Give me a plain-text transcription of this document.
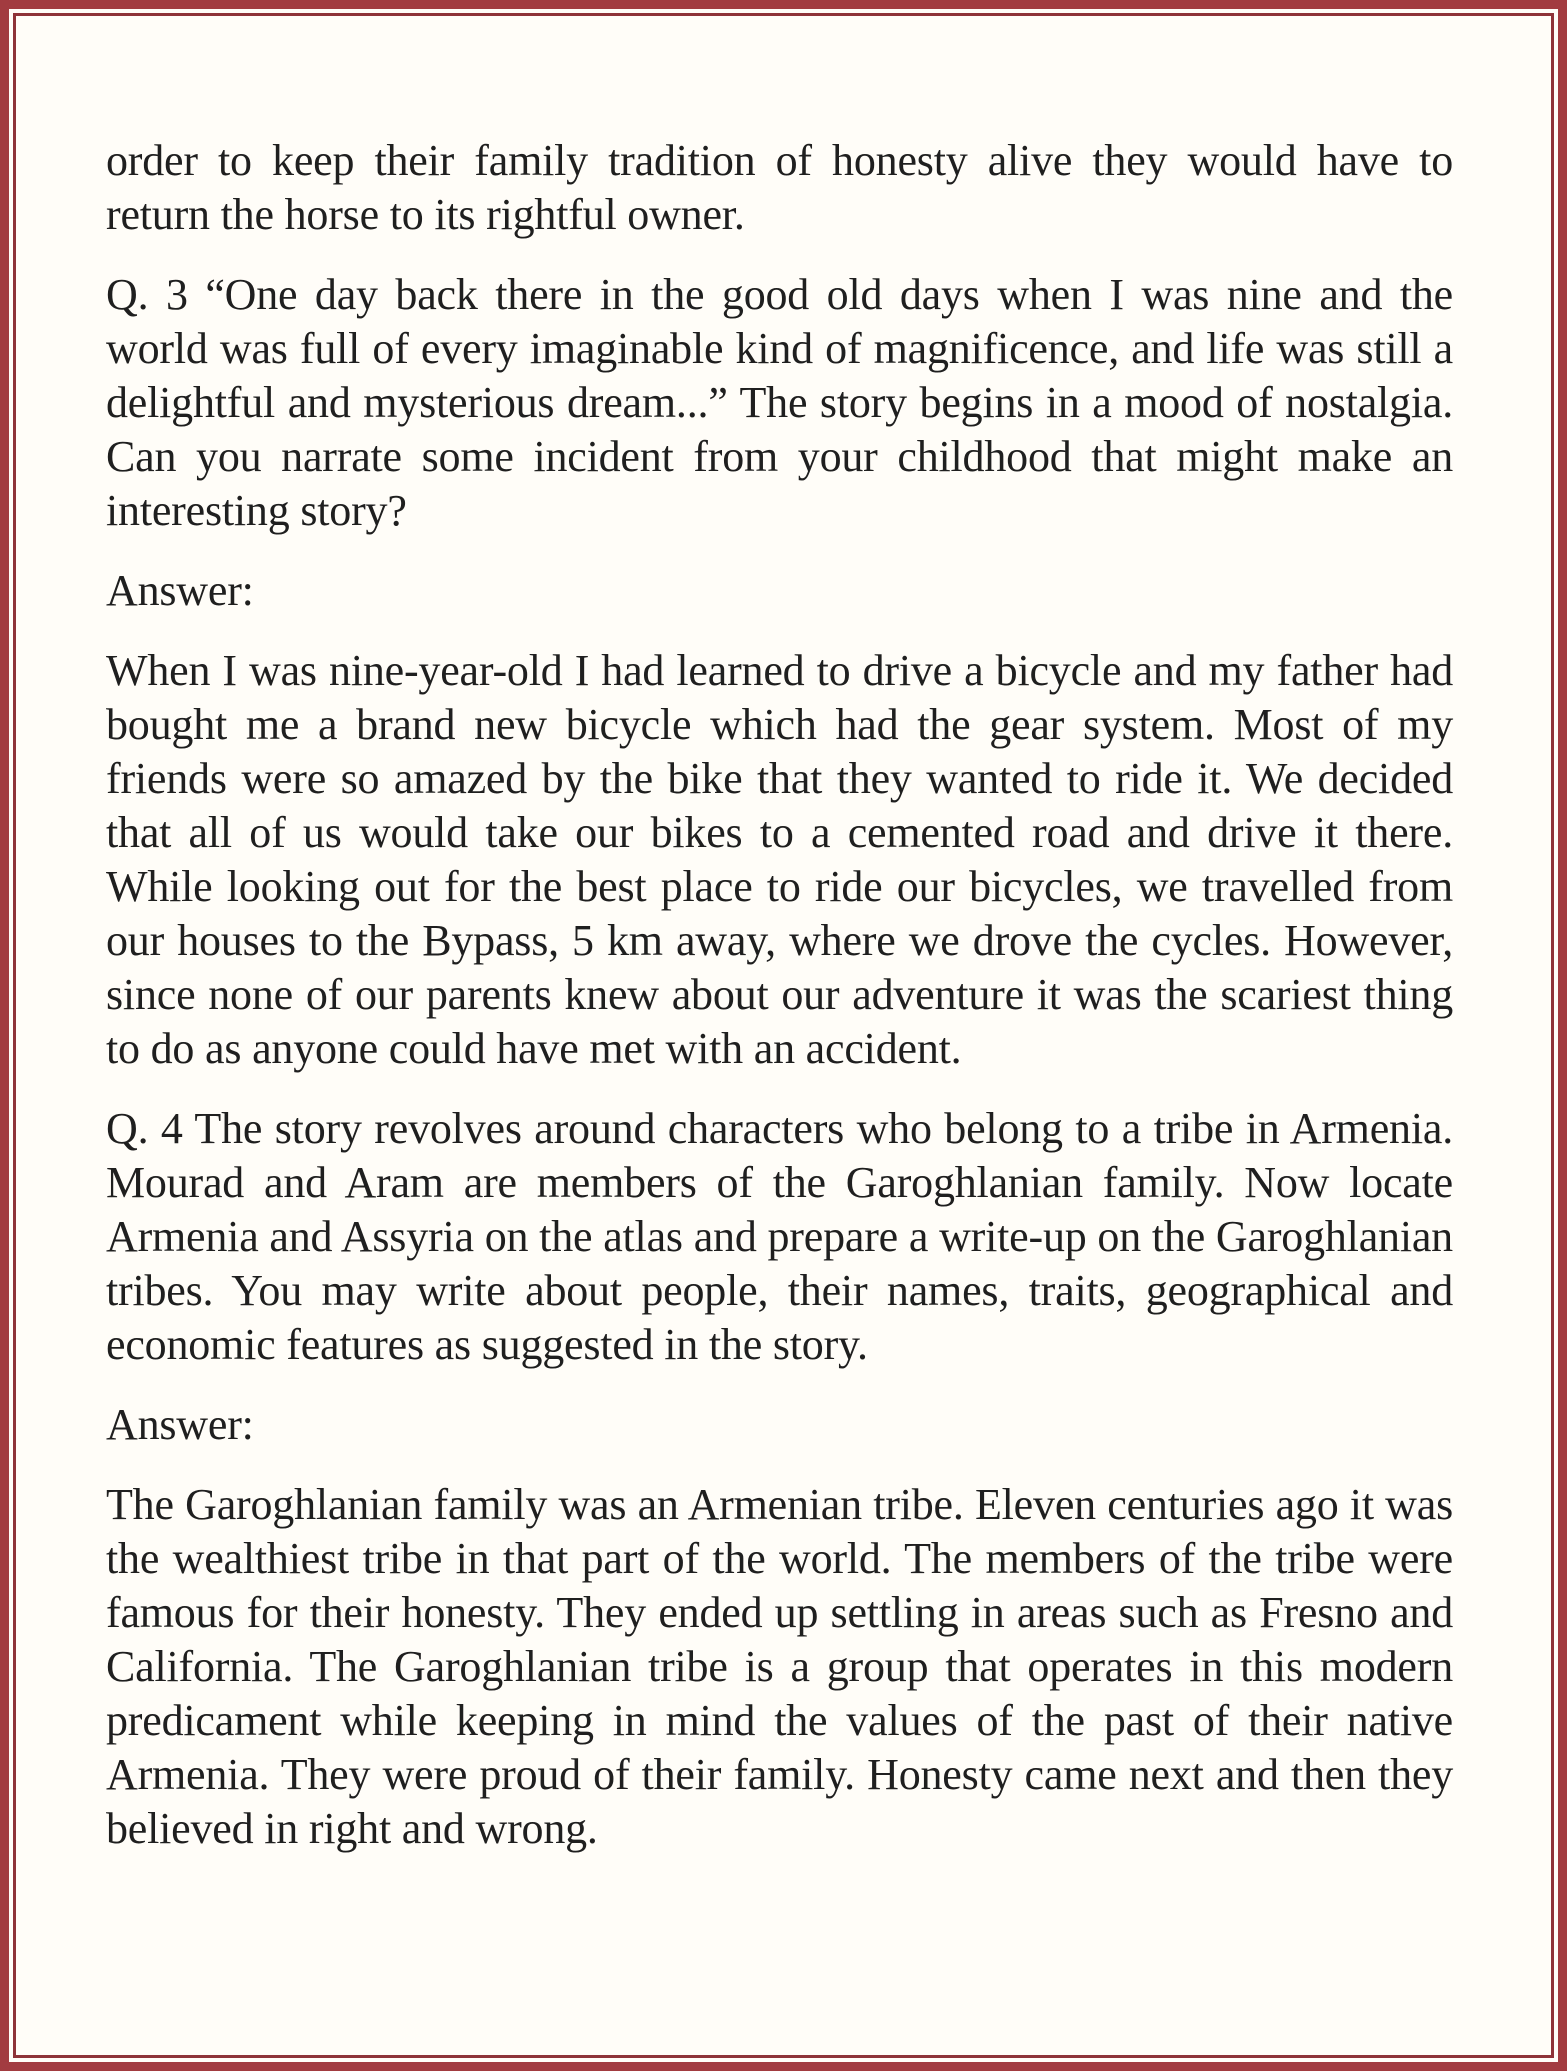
order to keep their family tradition of honesty alive they would have to return the horse to its rightful owner.

Q. 3 “One day back there in the good old days when I was nine and the world was full of every imaginable kind of magnificence, and life was still a delightful and mysterious dream...” The story begins in a mood of nostalgia. Can you narrate some incident from your childhood that might make an interesting story?

Answer:

When I was nine-year-old I had learned to drive a bicycle and my father had bought me a brand new bicycle which had the gear system. Most of my friends were so amazed by the bike that they wanted to ride it. We decided that all of us would take our bikes to a cemented road and drive it there. While looking out for the best place to ride our bicycles, we travelled from our houses to the Bypass, 5 km away, where we drove the cycles. However, since none of our parents knew about our adventure it was the scariest thing to do as anyone could have met with an accident.

Q. 4 The story revolves around characters who belong to a tribe in Armenia. Mourad and Aram are members of the Garoghlanian family. Now locate Armenia and Assyria on the atlas and prepare a write-up on the Garoghlanian tribes. You may write about people, their names, traits, geographical and economic features as suggested in the story.

Answer:

The Garoghlanian family was an Armenian tribe. Eleven centuries ago it was the wealthiest tribe in that part of the world. The members of the tribe were famous for their honesty. They ended up settling in areas such as Fresno and California. The Garoghlanian tribe is a group that operates in this modern predicament while keeping in mind the values of the past of their native Armenia. They were proud of their family. Honesty came next and then they believed in right and wrong.
